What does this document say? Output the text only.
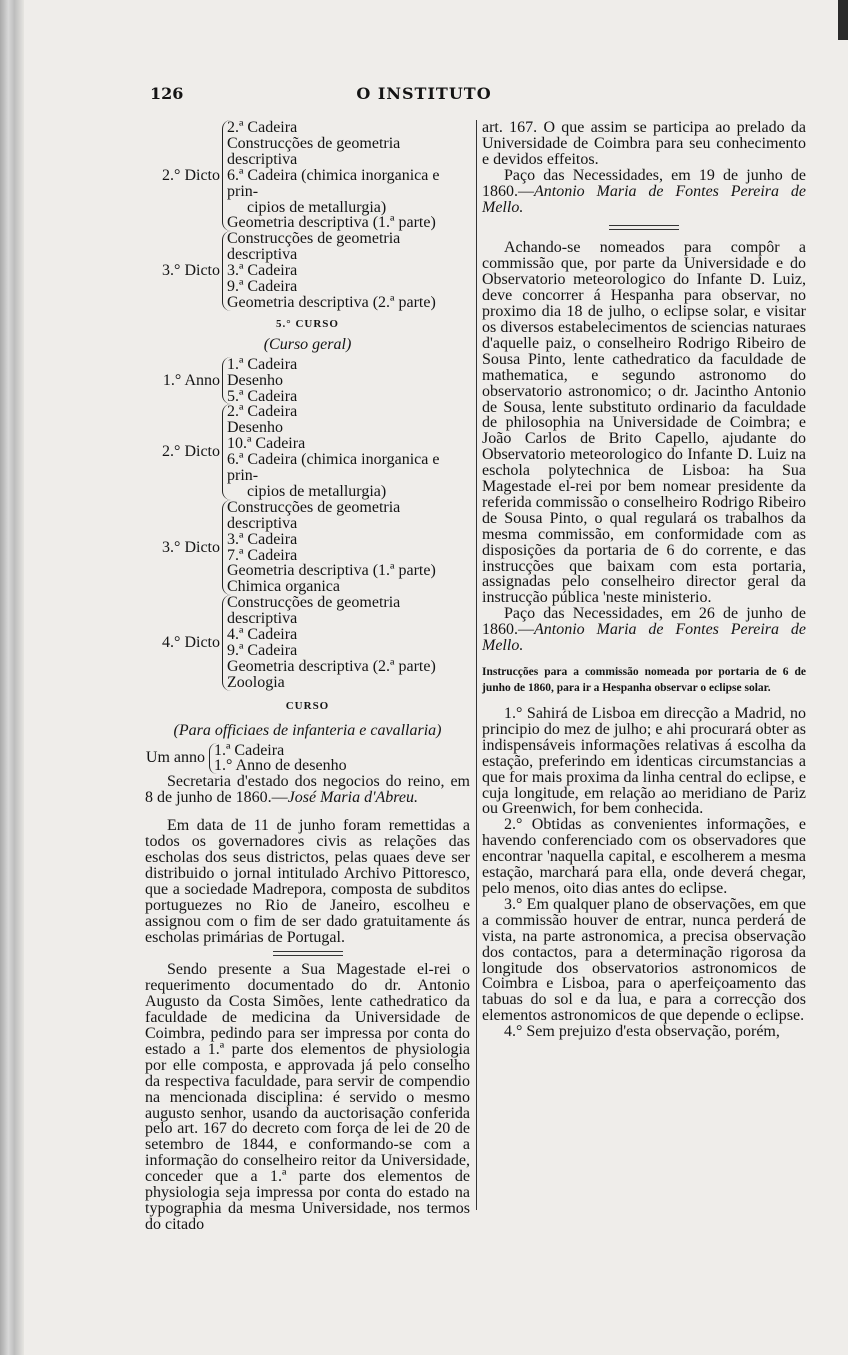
126	O INSTITUTO
2.° Dicto
2.ª Cadeira
Construcções de geometria descriptiva
6.ª Cadeira (chimica inorganica e prin-
cipios de metallurgia)
Geometria descriptiva (1.ª parte)
3.° Dicto
Construcções de geometria descriptiva
3.ª Cadeira
9.ª Cadeira
Geometria descriptiva (2.ª parte)
5.° CURSO
(Curso geral)
1.° Anno
1.ª Cadeira
Desenho
5.ª Cadeira
2.° Dicto
2.ª Cadeira
Desenho
10.ª Cadeira
6.ª Cadeira (chimica inorganica e prin-
cipios de metallurgia)
3.° Dicto
Construcções de geometria descriptiva
3.ª Cadeira
7.ª Cadeira
Geometria descriptiva (1.ª parte)
Chimica organica
4.° Dicto
Construcções de geometria descriptiva
4.ª Cadeira
9.ª Cadeira
Geometria descriptiva (2.ª parte)
Zoologia
CURSO
(Para officiaes de infanteria e cavallaria)
Um anno 1.ª Cadeira
1.° Anno de desenho

Secretaria d'estado dos negocios do reino, em 8 de junho de 1860.—José Maria d'Abreu.

Em data de 11 de junho foram remettidas a todos os governadores civis as relações das escholas dos seus districtos, pelas quaes deve ser distribuido o jornal intitulado Archivo Pittoresco, que a sociedade Madrepora, composta de subditos portuguezes no Rio de Janeiro, escolheu e assignou com o fim de ser dado gratuitamente ás escholas primárias de Portugal.

Sendo presente a Sua Magestade el-rei o requerimento documentado do dr. Antonio Augusto da Costa Simões, lente cathedratico da faculdade de medicina da Universidade de Coimbra, pedindo para ser impressa por conta do estado a 1.ª parte dos elementos de physiologia por elle composta, e approvada já pelo conselho da respectiva faculdade, para servir de compendio na mencionada disciplina: é servido o mesmo augusto senhor, usando da auctorisação conferida pelo art. 167 do decreto com força de lei de 20 de setembro de 1844, e conformando-se com a informação do conselheiro reitor da Universidade, conceder que a 1.ª parte dos elementos de physiologia seja impressa por conta do estado na typographia da mesma Universidade, nos termos do citado

art. 167. O que assim se participa ao prelado da Universidade de Coimbra para seu conhecimento e devidos effeitos.

Paço das Necessidades, em 19 de junho de 1860.—Antonio Maria de Fontes Pereira de Mello.

Achando-se nomeados para compôr a commissão que, por parte da Universidade e do Observatorio meteorologico do Infante D. Luiz, deve concorrer á Hespanha para observar, no proximo dia 18 de julho, o eclipse solar, e visitar os diversos estabelecimentos de sciencias naturaes d'aquelle paiz, o conselheiro Rodrigo Ribeiro de Sousa Pinto, lente cathedratico da faculdade de mathematica, e segundo astronomo do observatorio astronomico; o dr. Jacintho Antonio de Sousa, lente substituto ordinario da faculdade de philosophia na Universidade de Coimbra; e João Carlos de Brito Capello, ajudante do Observatorio meteorologico do Infante D. Luiz na eschola polytechnica de Lisboa: ha Sua Magestade el-rei por bem nomear presidente da referida commissão o conselheiro Rodrigo Ribeiro de Sousa Pinto, o qual regulará os trabalhos da mesma commissão, em conformidade com as disposições da portaria de 6 do corrente, e das instrucções que baixam com esta portaria, assignadas pelo conselheiro director geral da instrucção pública 'neste ministerio.

Paço das Necessidades, em 26 de junho de 1860.—Antonio Maria de Fontes Pereira de Mello.

Instrucções para a commissão nomeada por portaria de 6 de junho de 1860, para ir a Hespanha observar o eclipse solar.

1.° Sahirá de Lisboa em direcção a Madrid, no principio do mez de julho; e ahi procurará obter as indispensáveis informações relativas á escolha da estação, preferindo em identicas circumstancias a que for mais proxima da linha central do eclipse, e cuja longitude, em relação ao meridiano de Pariz ou Greenwich, for bem conhecida.

2.° Obtidas as convenientes informações, e havendo conferenciado com os observadores que encontrar 'naquella capital, e escolherem a mesma estação, marchará para ella, onde deverá chegar, pelo menos, oito dias antes do eclipse.

3.° Em qualquer plano de observações, em que a commissão houver de entrar, nunca perderá de vista, na parte astronomica, a precisa observação dos contactos, para a determinação rigorosa da longitude dos observatorios astronomicos de Coimbra e Lisboa, para o aperfeiçoamento das tabuas do sol e da lua, e para a correcção dos elementos astronomicos de que depende o eclipse.

4.° Sem prejuizo d'esta observação, porém,
